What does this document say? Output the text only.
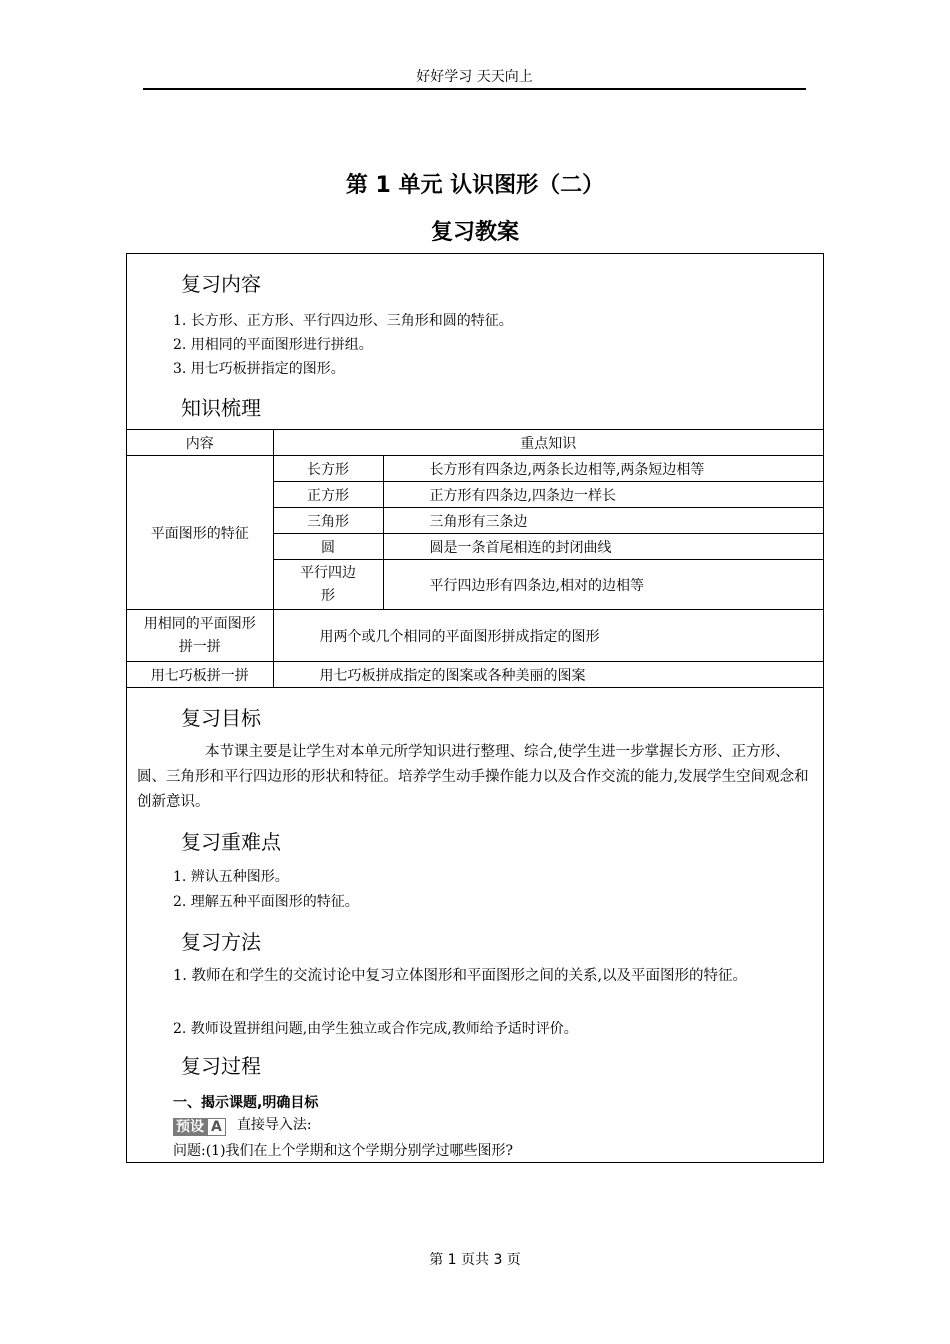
好好学习 天天向上
第 1 单元 认识图形（二）
复习教案
复习内容
1. 长方形、正方形、平行四边形、三角形和圆的特征。
2. 用相同的平面图形进行拼组。
3. 用七巧板拼指定的图形。
知识梳理
内容	重点知识	
平面图形的特征	长方形	长方形有四条边,两条长边相等,两条短边相等
	正方形	正方形有四条边,四条边一样长
	三角形	三角形有三条边
	圆	圆是一条首尾相连的封闭曲线
	平行四边形	平行四边形有四条边,相对的边相等
用相同的平面图形拼一拼	用两个或几个相同的平面图形拼成指定的图形	
用七巧板拼一拼	用七巧板拼成指定的图案或各种美丽的图案	
复习目标
本节课主要是让学生对本单元所学知识进行整理、综合,使学生进一步掌握长方形、正方形、圆、三角形和平行四边形的形状和特征。培养学生动手操作能力以及合作交流的能力,发展学生空间观念和创新意识。
复习重难点
1. 辨认五种图形。
2. 理解五种平面图形的特征。
复习方法
1. 教师在和学生的交流讨论中复习立体图形和平面图形之间的关系,以及平面图形的特征。
2. 教师设置拼组问题,由学生独立或合作完成,教师给予适时评价。
复习过程
一、揭示课题,明确目标
预设 A 直接导入法:
问题:(1)我们在上个学期和这个学期分别学过哪些图形?
第 1 页共 3 页
